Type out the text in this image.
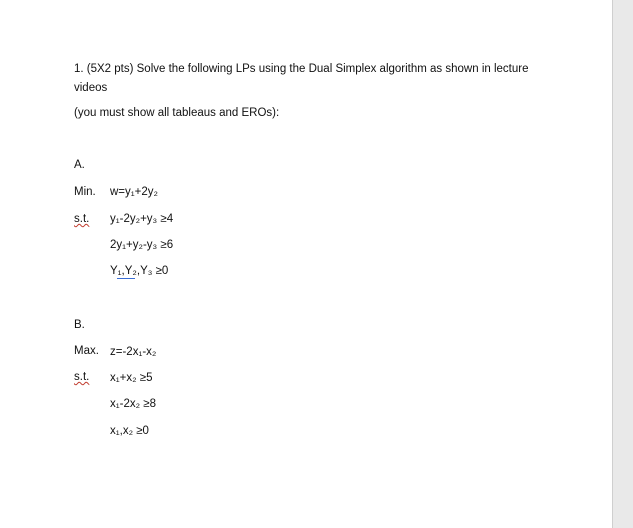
1. (5X2 pts) Solve the following LPs using the Dual Simplex algorithm as shown in lecture
videos
(you must show all tableaus and EROs):
A.
Min. w=y₁+2y₂
s.t. y₁-2y₂+y₃ ≥4
2y₁+y₂-y₃ ≥6
Y₁,Y₂,Y₃ ≥0
B.
Max. z=-2x₁-x₂
s.t. x₁+x₂ ≥5
x₁-2x₂ ≥8
x₁,x₂ ≥0
